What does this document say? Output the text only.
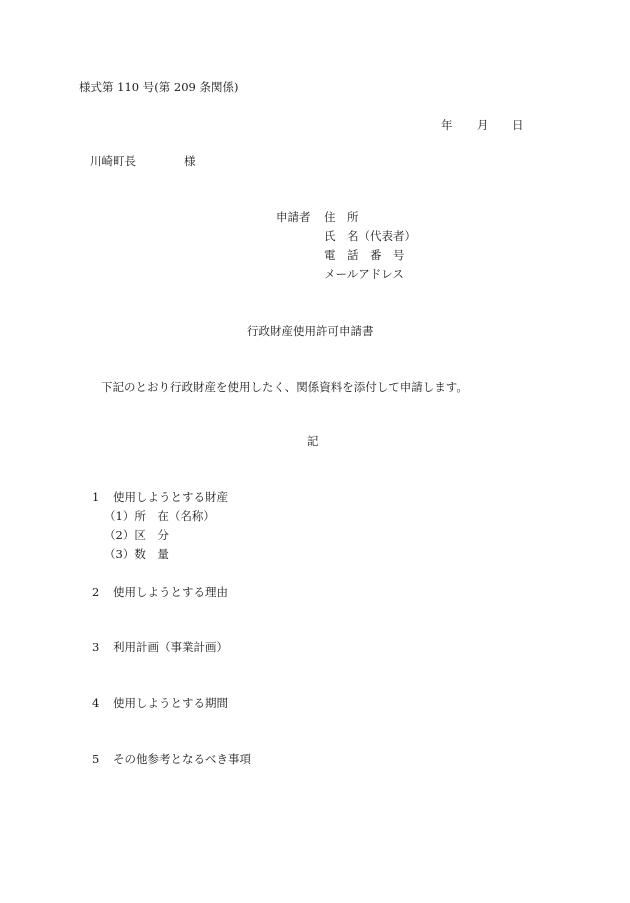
様式第 110 号(第 209 条関係)
年 月 日
川崎町長	様
申請者 住　所
氏　名（代表者）
電　話　番　号
メールアドレス
行政財産使用許可申請書
下記のとおり行政財産を使用したく、関係資料を添付して申請します。
記
1 使用しようとする財産
（1）所　在（名称）
（2）区　分
（3）数　量
2 使用しようとする理由
3 利用計画（事業計画）
4 使用しようとする期間
5 その他参考となるべき事項
